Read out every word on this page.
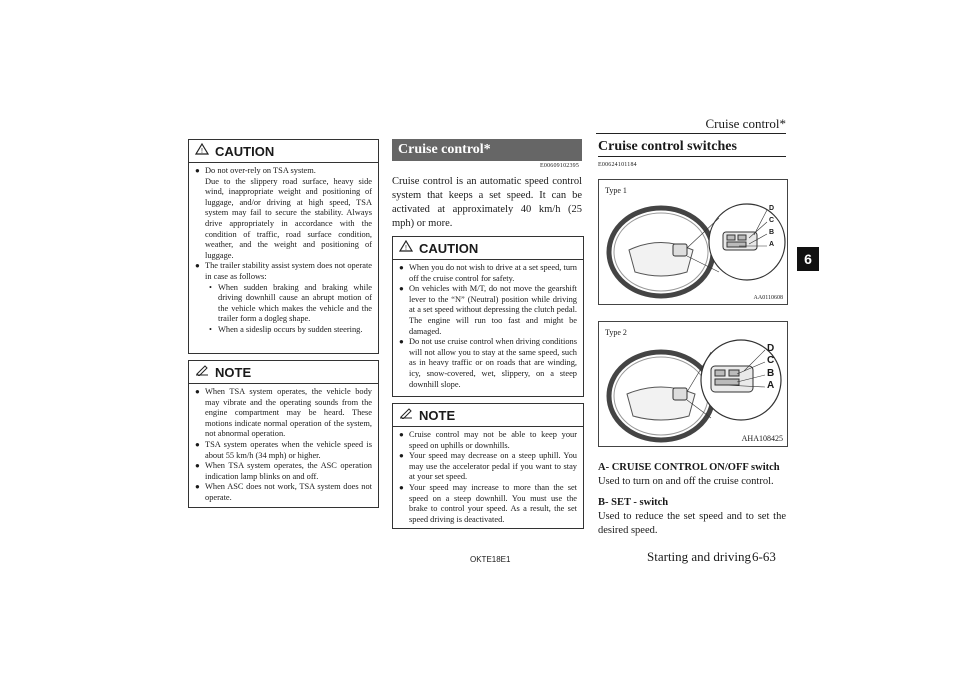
Cruise control*
6
! CAUTION
● Do not over-rely on TSA system.
Due to the slippery road surface, heavy side wind, inappropriate weight and positioning of luggage, and/or driving at high speed, TSA system may fail to secure the stability. Always drive appropriately in accordance with the condition of traffic, road surface condition, weather, and the weight and positioning of luggage.
● The trailer stability assist system does not operate in case as follows:
• When sudden braking and braking while driving downhill cause an abrupt motion of the vehicle which makes the vehicle and the trailer form a dogleg shape.
• When a sideslip occurs by sudden steering.
NOTE
● When TSA system operates, the vehicle body may vibrate and the operating sounds from the engine compartment may be heard. These motions indicate normal operation of the system, not abnormal operation.
● TSA system operates when the vehicle speed is about 55 km/h (34 mph) or higher.
● When TSA system operates, the ASC operation indication lamp blinks on and off.
● When ASC does not work, TSA system does not operate.
Cruise control*
E00609102395
Cruise control is an automatic speed control system that keeps a set speed. It can be activated at approximately 40 km/h (25 mph) or more.
! CAUTION
● When you do not wish to drive at a set speed, turn off the cruise control for safety.
● On vehicles with M/T, do not move the gearshift lever to the “N” (Neutral) position while driving at a set speed without depressing the clutch pedal. The engine will run too fast and might be damaged.
● Do not use cruise control when driving conditions will not allow you to stay at the same speed, such as in heavy traffic or on roads that are winding, icy, snow-covered, wet, slippery, on a steep downhill slope.
NOTE
● Cruise control may not be able to keep your speed on uphills or downhills.
● Your speed may decrease on a steep uphill. You may use the accelerator pedal if you want to stay at your set speed.
● Your speed may increase to more than the set speed on a steep downhill. You must use the brake to control your speed. As a result, the set speed driving is deactivated.
Cruise control switches
E00624101184
Type 1
D
C
B
A
AA0110608
Type 2
D
C
B
A
AHA108425
A- CRUISE CONTROL ON/OFF switch
Used to turn on and off the cruise control.
B- SET - switch
Used to reduce the set speed and to set the desired speed.
OKTE18E1	Starting and driving 6-63
